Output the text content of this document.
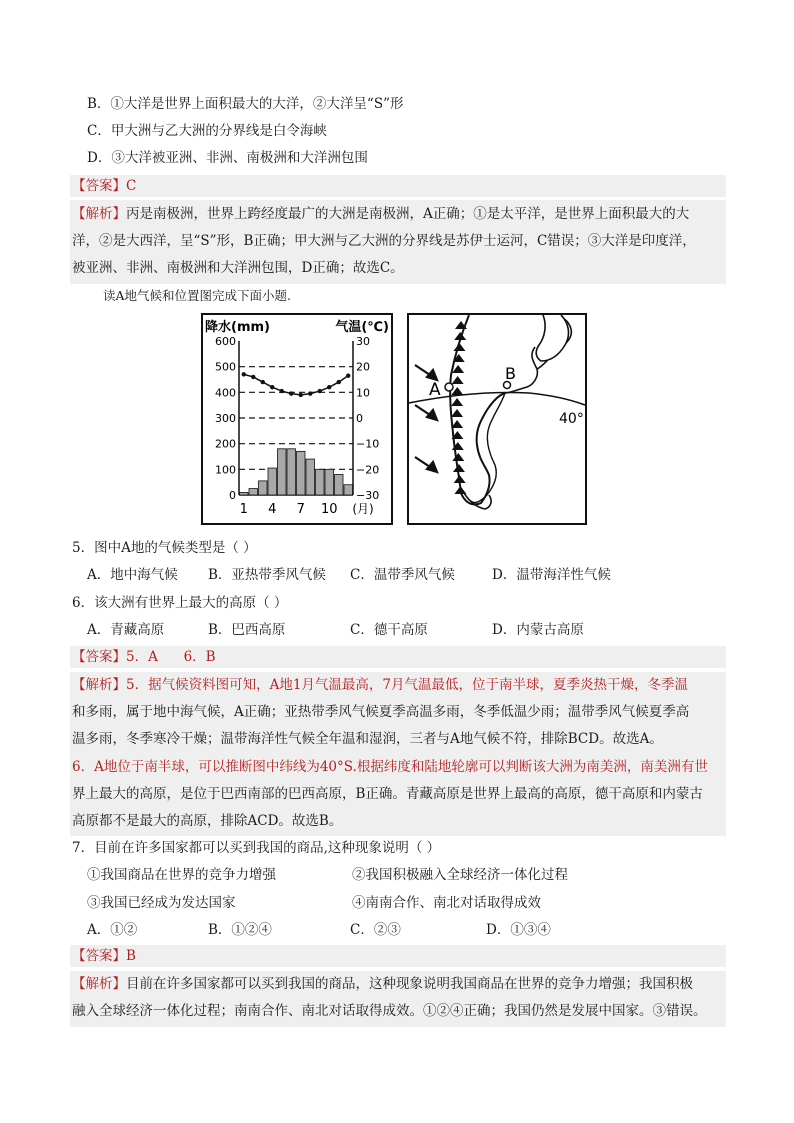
B．①大洋是世界上面积最大的大洋，②大洋呈“S”形
C．甲大洲与乙大洲的分界线是白令海峡
D．③大洋被亚洲、非洲、南极洲和大洋洲包围
【答案】C
【解析】丙是南极洲，世界上跨经度最广的大洲是南极洲，A正确；①是太平洋，是世界上面积最大的大
洋，②是大西洋，呈“S”形，B正确；甲大洲与乙大洲的分界线是苏伊士运河，C错误；③大洋是印度洋，
被亚洲、非洲、南极洲和大洋洲包围，D正确；故选C。
读A地气候和位置图完成下面小题.
降水(mm)	气温(℃)
600	30
500	20
400	10
300	0
200	−10
100	−20
0	−30
1 4 7 10 (月)
A
B
40°
5．图中A地的气候类型是（ ）
A．地中海气候 B．亚热带季风气候 C．温带季风气候	D．温带海洋性气候
6．该大洲有世界上最大的高原（ ）
A．青藏高原	B．巴西高原	C．德干高原	D．内蒙古高原
【答案】5．A      6．B
【解析】5．据气候资料图可知，A地1月气温最高，7月气温最低，位于南半球，夏季炎热干燥，冬季温
和多雨，属于地中海气候，A正确；亚热带季风气候夏季高温多雨，冬季低温少雨；温带季风气候夏季高
温多雨，冬季寒冷干燥；温带海洋性气候全年温和湿润，三者与A地气候不符，排除BCD。故选A。
6．A地位于南半球，可以推断图中纬线为40°S.根据纬度和陆地轮廓可以判断该大洲为南美洲，南美洲有世
界上最大的高原，是位于巴西南部的巴西高原，B正确。青藏高原是世界上最高的高原，德干高原和内蒙古
高原都不是最大的高原，排除ACD。故选B。
7．目前在许多国家都可以买到我国的商品,这种现象说明（ ）
①我国商品在世界的竞争力增强	②我国积极融入全球经济一体化过程
③我国已经成为发达国家	④南南合作、南北对话取得成效
A．①②	B．①②④	C．②③	D．①③④
【答案】B
【解析】目前在许多国家都可以买到我国的商品，这种现象说明我国商品在世界的竞争力增强；我国积极
融入全球经济一体化过程；南南合作、南北对话取得成效。①②④正确；我国仍然是发展中国家。③错误。
